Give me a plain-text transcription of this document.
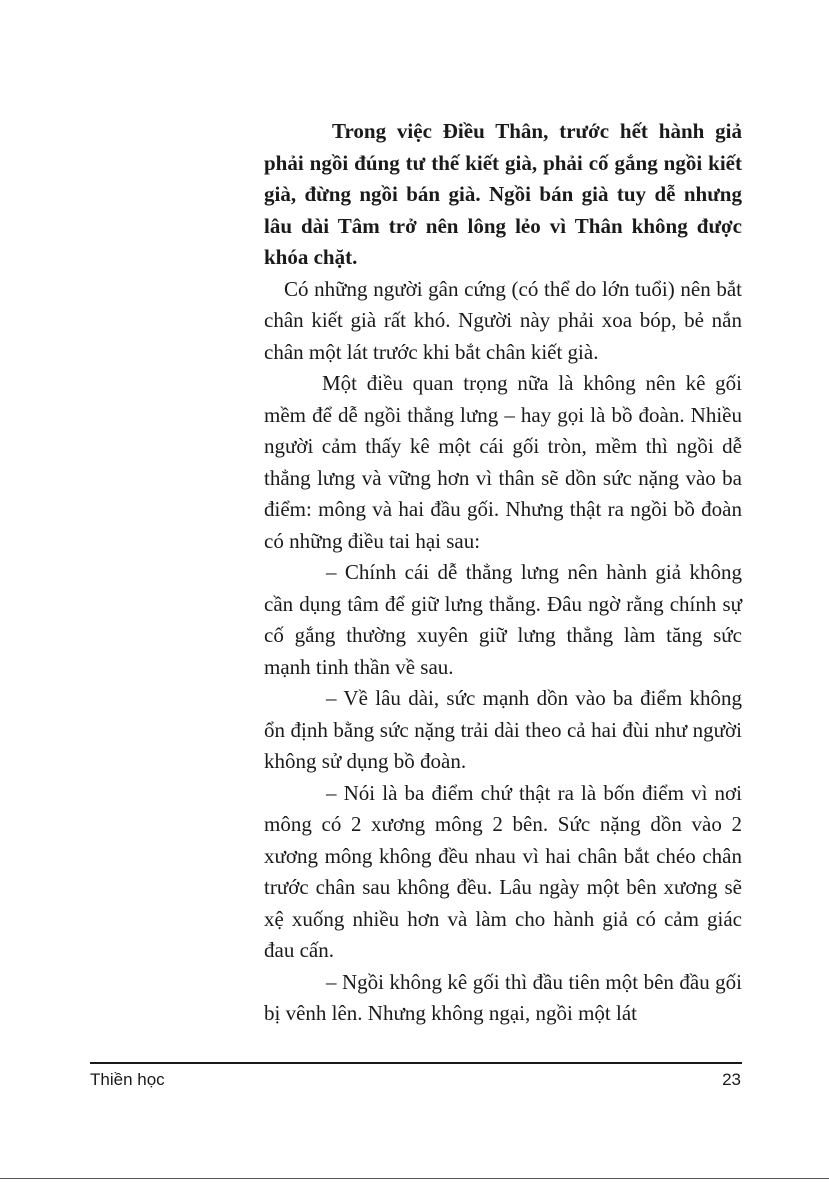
Trong việc Điều Thân, trước hết hành giả phải ngồi đúng tư thế kiết già, phải cố gắng ngồi kiết già, đừng ngồi bán già. Ngồi bán già tuy dễ nhưng lâu dài Tâm trở nên lông lẻo vì Thân không được khóa chặt.

Có những người gân cứng (có thể do lớn tuổi) nên bắt chân kiết già rất khó. Người này phải xoa bóp, bẻ nắn chân một lát trước khi bắt chân kiết già.

Một điều quan trọng nữa là không nên kê gối mềm để dễ ngồi thẳng lưng – hay gọi là bồ đoàn. Nhiều người cảm thấy kê một cái gối tròn, mềm thì ngồi dễ thẳng lưng và vững hơn vì thân sẽ dồn sức nặng vào ba điểm: mông và hai đầu gối. Nhưng thật ra ngồi bồ đoàn có những điều tai hại sau:

– Chính cái dễ thẳng lưng nên hành giả không cần dụng tâm để giữ lưng thẳng. Đâu ngờ rằng chính sự cố gắng thường xuyên giữ lưng thẳng làm tăng sức mạnh tinh thần về sau.

– Về lâu dài, sức mạnh dồn vào ba điểm không ổn định bằng sức nặng trải dài theo cả hai đùi như người không sử dụng bồ đoàn.

– Nói là ba điểm chứ thật ra là bốn điểm vì nơi mông có 2 xương mông 2 bên. Sức nặng dồn vào 2 xương mông không đều nhau vì hai chân bắt chéo chân trước chân sau không đều. Lâu ngày một bên xương sẽ xệ xuống nhiều hơn và làm cho hành giả có cảm giác đau cấn.

– Ngồi không kê gối thì đầu tiên một bên đầu gối bị vênh lên. Nhưng không ngại, ngồi một lát

Thiền học	23
